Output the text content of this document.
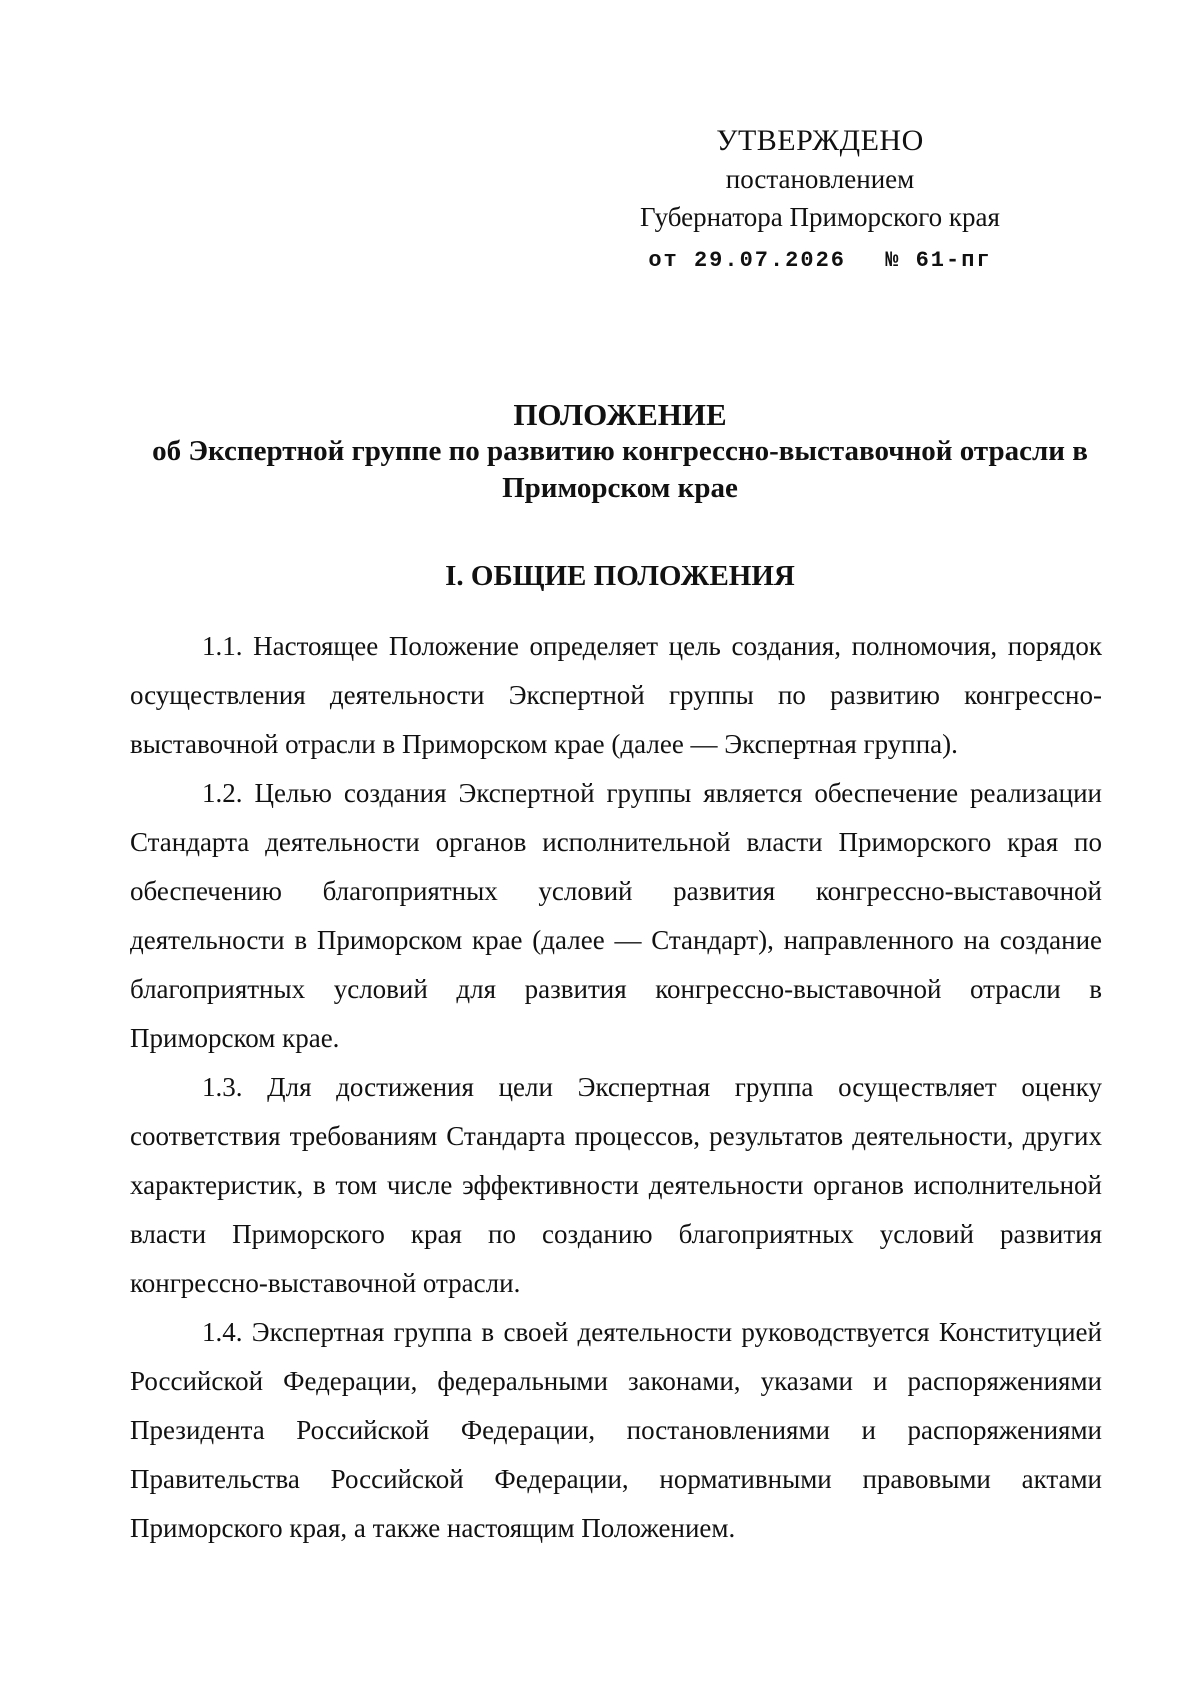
УТВЕРЖДЕНО
постановлением
Губернатора Приморского края
от 29.07.2026 № 61-пг
ПОЛОЖЕНИЕ
об Экспертной группе по развитию конгрессно-выставочной отрасли в Приморском крае
I. ОБЩИЕ ПОЛОЖЕНИЯ

1.1. Настоящее Положение определяет цель создания, полномочия, порядок осуществления деятельности Экспертной группы по развитию конгрессно-выставочной отрасли в Приморском крае (далее — Экспертная группа).

1.2. Целью создания Экспертной группы является обеспечение реализации Стандарта деятельности органов исполнительной власти Приморского края по обеспечению благоприятных условий развития конгрессно-выставочной деятельности в Приморском крае (далее — Стандарт), направленного на создание благоприятных условий для развития конгрессно-выставочной отрасли в Приморском крае.

1.3. Для достижения цели Экспертная группа осуществляет оценку соответствия требованиям Стандарта процессов, результатов деятельности, других характеристик, в том числе эффективности деятельности органов исполнительной власти Приморского края по созданию благоприятных условий развития конгрессно-выставочной отрасли.

1.4. Экспертная группа в своей деятельности руководствуется Конституцией Российской Федерации, федеральными законами, указами и распоряжениями Президента Российской Федерации, постановлениями и распоряжениями Правительства Российской Федерации, нормативными правовыми актами Приморского края, а также настоящим Положением.
